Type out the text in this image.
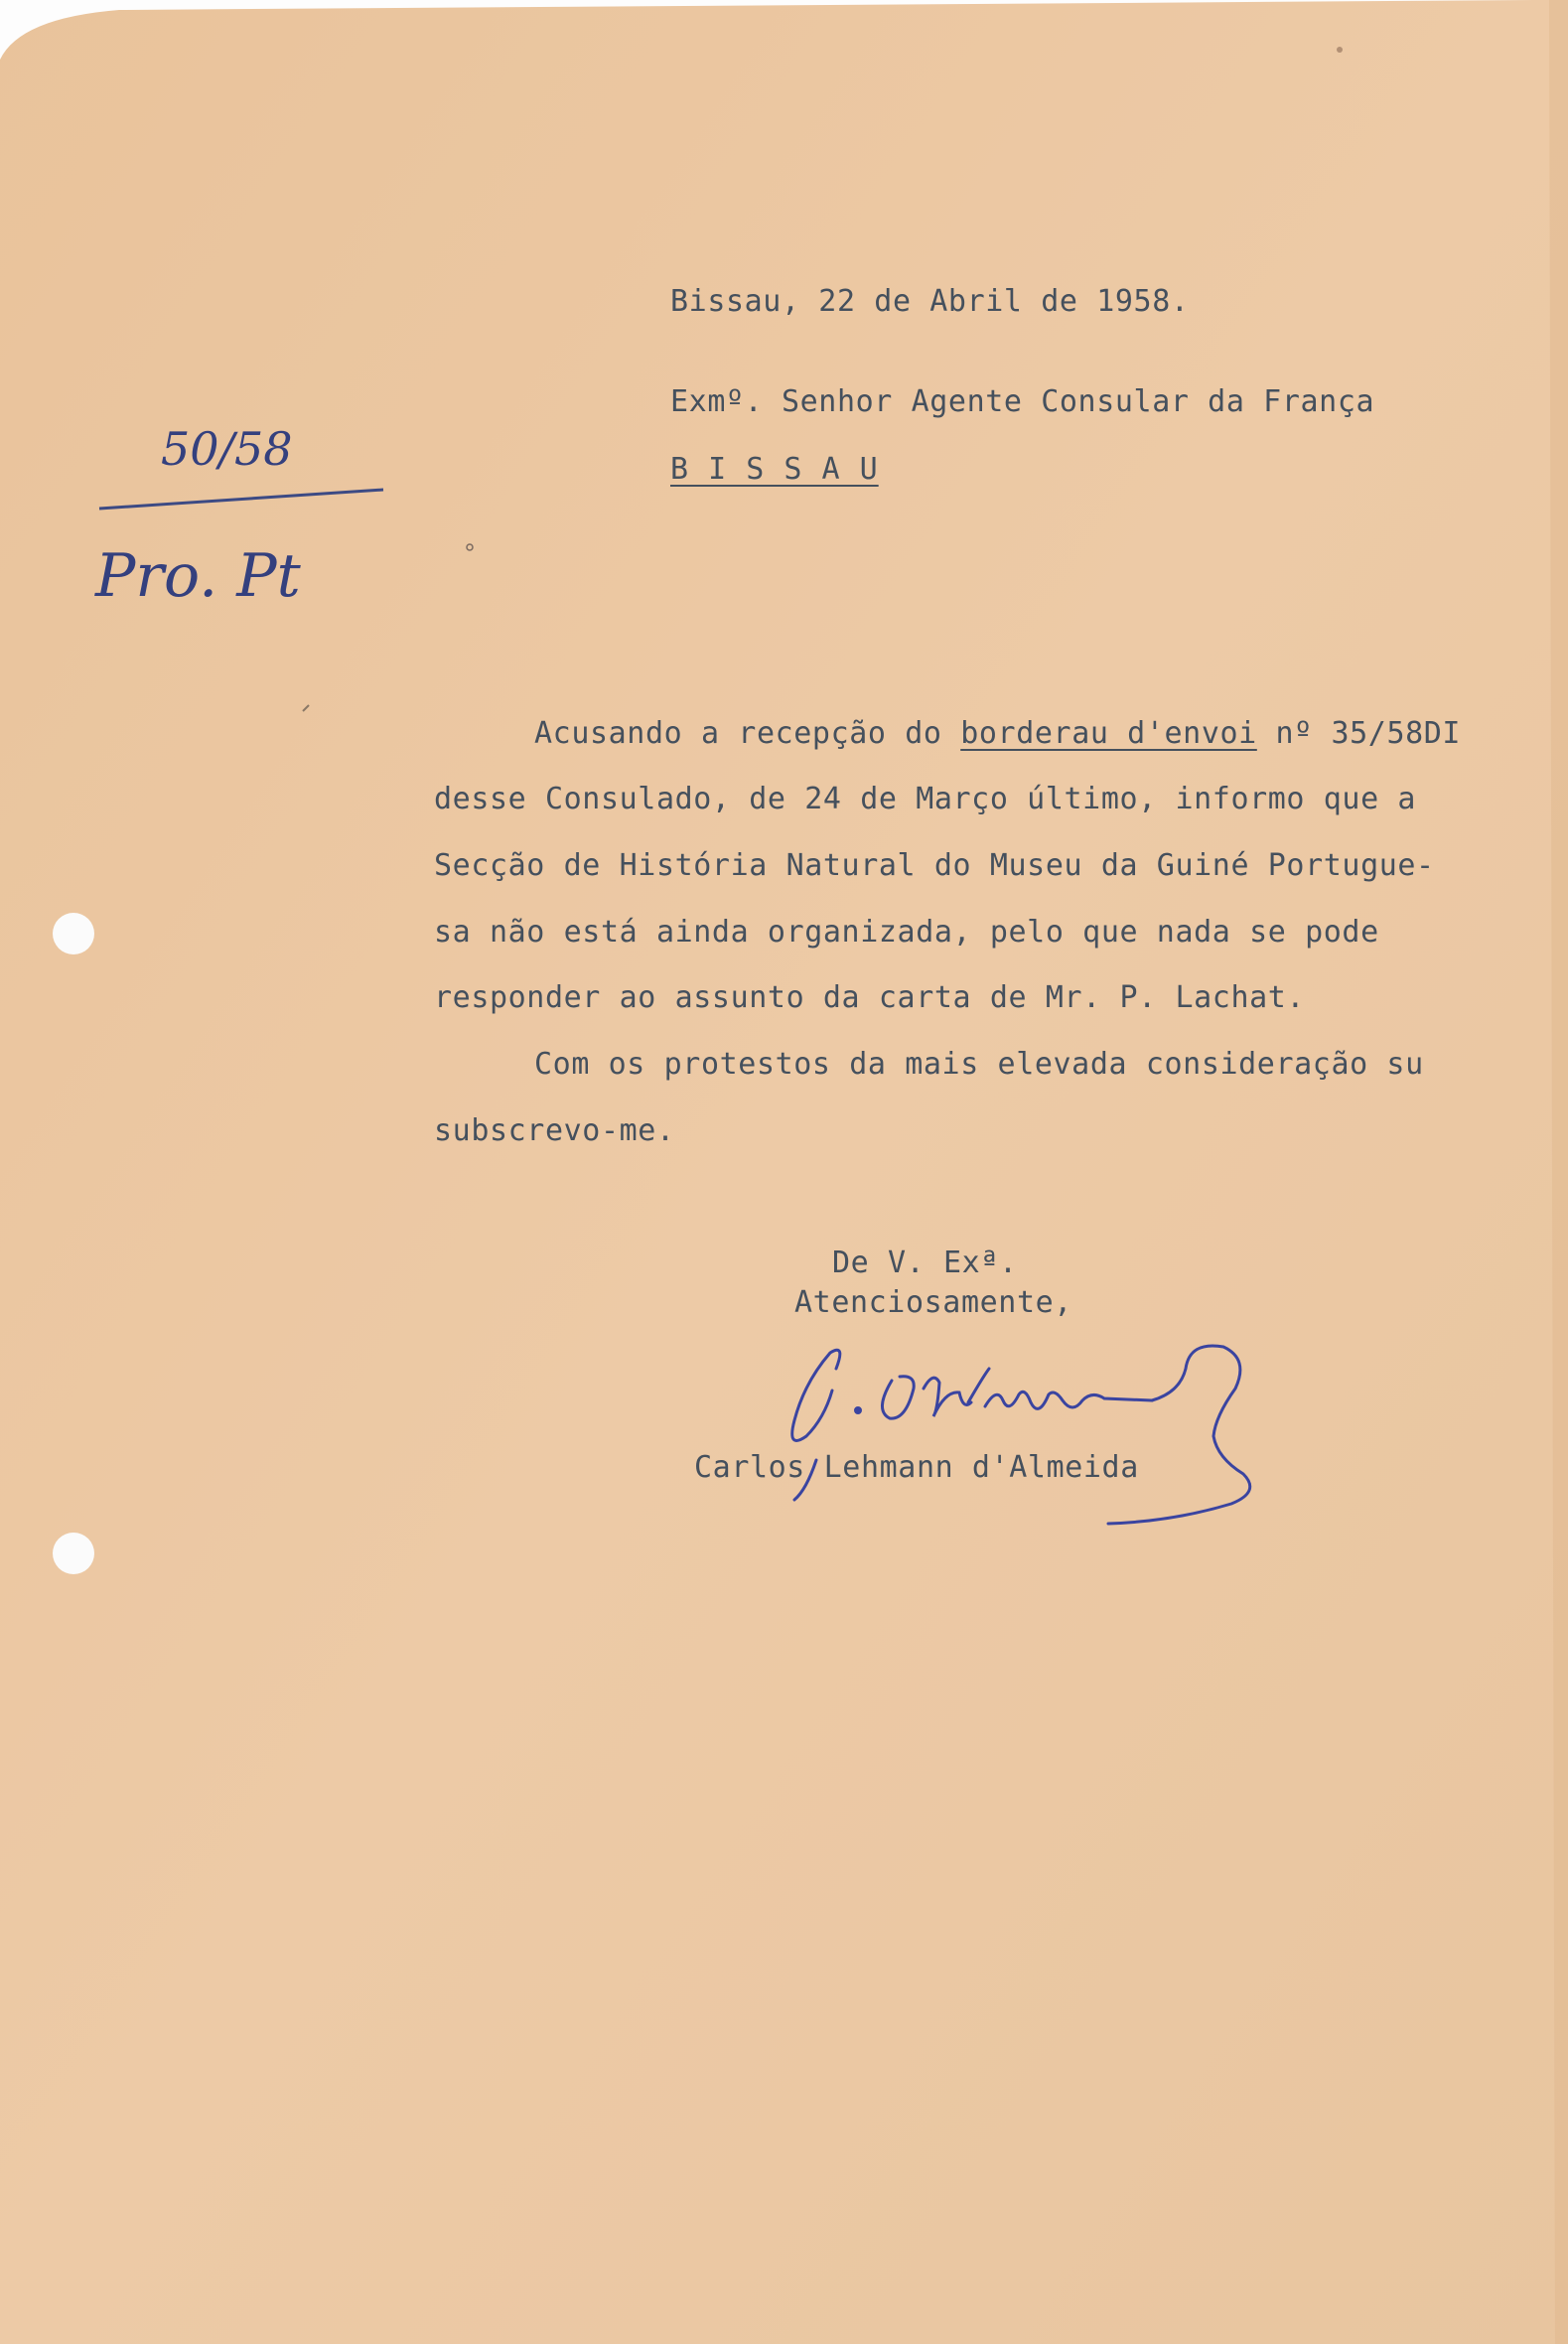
Bissau, 22 de Abril de 1958.
Exmº. Senhor Agente Consular da França
B I S S A U
Acusando a recepção do borderau d'envoi nº 35/58DI
desse Consulado, de 24 de Março último, informo que a
Secção de História Natural do Museu da Guiné Portugue-
sa não está ainda organizada, pelo que nada se pode
responder ao assunto da carta de Mr. P. Lachat.
Com os protestos da mais elevada consideração su
subscrevo-me.
De V. Exª.
Atenciosamente,
Carlos Lehmann d'Almeida
50/58
Pro. Pt
